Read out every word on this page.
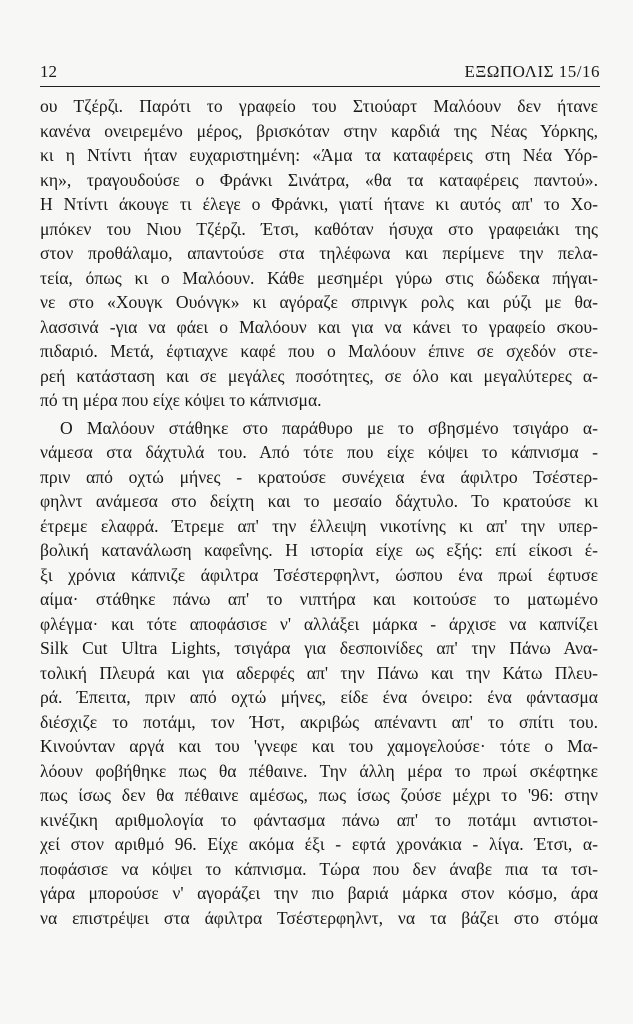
12	ΕΞΩΠΟΛΙΣ 15/16
ου Τζέρζι. Παρότι το γραφείο του Στιούαρτ Μαλόουν δεν ήτανε
κανένα ονειρεμένο μέρος, βρισκόταν στην καρδιά της Νέας Υόρκης,
κι η Ντίντι ήταν ευχαριστημένη: «Άμα τα καταφέρεις στη Νέα Υόρ-
κη», τραγουδούσε ο Φράνκι Σινάτρα, «θα τα καταφέρεις παντού».
Η Ντίντι άκουγε τι έλεγε ο Φράνκι, γιατί ήτανε κι αυτός απ' το Χο-
μπόκεν του Νιου Τζέρζι. Έτσι, καθόταν ήσυχα στο γραφειάκι της
στον προθάλαμο, απαντούσε στα τηλέφωνα και περίμενε την πελα-
τεία, όπως κι ο Μαλόουν. Κάθε μεσημέρι γύρω στις δώδεκα πήγαι-
νε στο «Χουγκ Ουόνγκ» κι αγόραζε σπρινγκ ρολς και ρύζι με θα-
λασσινά -για να φάει ο Μαλόουν και για να κάνει το γραφείο σκου-
πιδαριό. Μετά, έφτιαχνε καφέ που ο Μαλόουν έπινε σε σχεδόν στε-
ρεή κατάσταση και σε μεγάλες ποσότητες, σε όλο και μεγαλύτερες α-
πό τη μέρα που είχε κόψει το κάπνισμα.
Ο Μαλόουν στάθηκε στο παράθυρο με το σβησμένο τσιγάρο α-
νάμεσα στα δάχτυλά του. Από τότε που είχε κόψει το κάπνισμα -
πριν από οχτώ μήνες - κρατούσε συνέχεια ένα άφιλτρο Τσέστερ-
φηλντ ανάμεσα στο δείχτη και το μεσαίο δάχτυλο. Το κρατούσε κι
έτρεμε ελαφρά. Έτρεμε απ' την έλλειψη νικοτίνης κι απ' την υπερ-
βολική κατανάλωση καφεΐνης. Η ιστορία είχε ως εξής: επί είκοσι έ-
ξι χρόνια κάπνιζε άφιλτρα Τσέστερφηλντ, ώσπου ένα πρωί έφτυσε
αίμα· στάθηκε πάνω απ' το νιπτήρα και κοιτούσε το ματωμένο
φλέγμα· και τότε αποφάσισε ν' αλλάξει μάρκα - άρχισε να καπνίζει
Silk Cut Ultra Lights, τσιγάρα για δεσποινίδες απ' την Πάνω Ανα-
τολική Πλευρά και για αδερφές απ' την Πάνω και την Κάτω Πλευ-
ρά. Έπειτα, πριν από οχτώ μήνες, είδε ένα όνειρο: ένα φάντασμα
διέσχιζε το ποτάμι, τον Ήστ, ακριβώς απέναντι απ' το σπίτι του.
Κινούνταν αργά και του 'γνεφε και του χαμογελούσε· τότε ο Μα-
λόουν φοβήθηκε πως θα πέθαινε. Την άλλη μέρα το πρωί σκέφτηκε
πως ίσως δεν θα πέθαινε αμέσως, πως ίσως ζούσε μέχρι το '96: στην
κινέζικη αριθμολογία το φάντασμα πάνω απ' το ποτάμι αντιστοι-
χεί στον αριθμό 96. Είχε ακόμα έξι - εφτά χρονάκια - λίγα. Έτσι, α-
ποφάσισε να κόψει το κάπνισμα. Τώρα που δεν άναβε πια τα τσι-
γάρα μπορούσε ν' αγοράζει την πιο βαριά μάρκα στον κόσμο, άρα
να επιστρέψει στα άφιλτρα Τσέστερφηλντ, να τα βάζει στο στόμα
